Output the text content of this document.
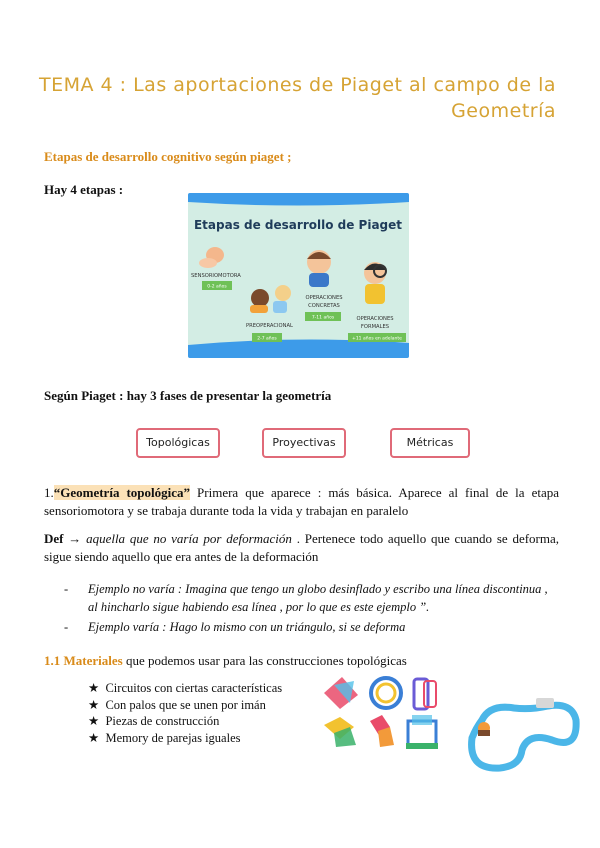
TEMA 4 : Las aportaciones de Piaget al campo de la Geometría
Etapas de desarrollo cognitivo según piaget ;
Hay 4 etapas :
Etapas de desarrollo de Piaget
SENSORIOMOTORA
0-2 años
PREOPERACIONAL
2-7 años
OPERACIONES
CONCRETAS
7-11 años	OPERACIONES
FORMALES
+11 años en adelante
Según Piaget : hay 3 fases de presentar la geometría
Topológicas	Proyectivas	Métricas
1.“Geometría topológica” Primera que aparece : más básica. Aparece al final de la etapa sensoriomotora y se trabaja durante toda la vida y trabajan en paralelo
Def → aquella que no varía por deformación . Pertenece todo aquello que cuando se deforma, sigue siendo aquello que era antes de la deformación
- Ejemplo no varía : Imagina que tengo un globo desinflado y escribo una línea discontinua , al hincharlo sigue habiendo esa línea , por lo que es este ejemplo ”.
- Ejemplo varía : Hago lo mismo con un triángulo, si se deforma
1.1 Materiales que podemos usar para las construcciones topológicas
★ Circuitos con ciertas características
★ Con palos que se unen por imán
★ Piezas de construcción
★ Memory de parejas iguales
